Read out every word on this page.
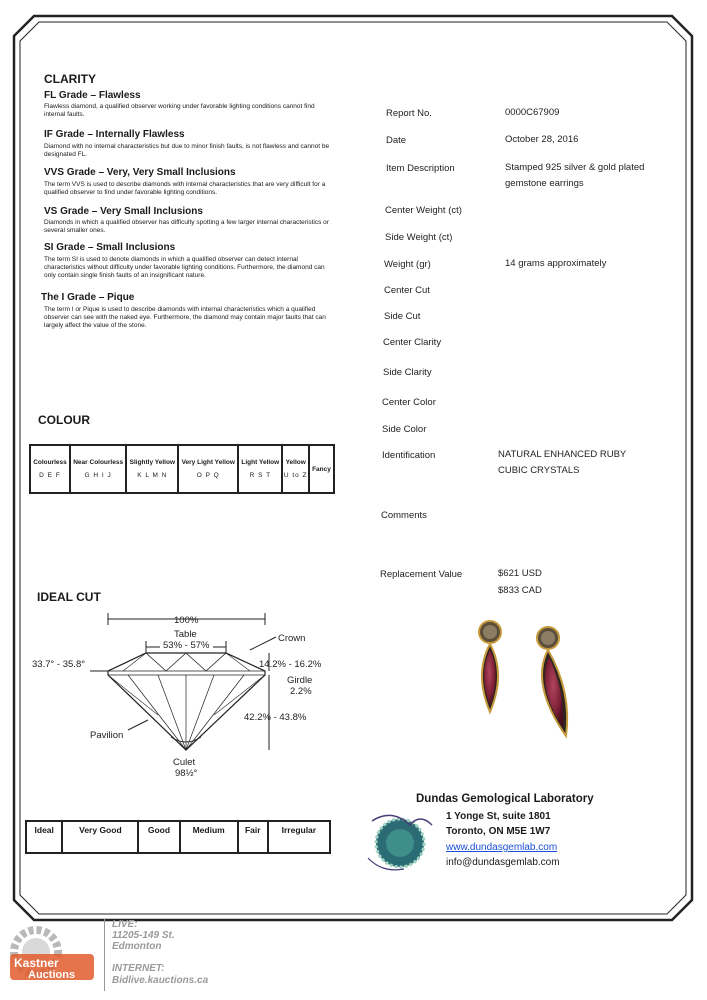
CLARITY
FL Grade – Flawless
Flawless diamond, a qualified observer working under favorable lighting conditions cannot find internal faults.
IF Grade – Internally Flawless
Diamond with no internal characteristics but due to minor finish faults, is not flawless and cannot be designated FL.
VVS Grade – Very, Very Small Inclusions
The term VVS is used to describe diamonds with internal characteristics that are very difficult for a qualified observer to find under favorable lighting conditions.
VS Grade – Very Small Inclusions
Diamonds in which a qualified observer has difficulty spotting a few larger internal characteristics or several smaller ones.
SI Grade – Small Inclusions
The term SI is used to denote diamonds in which a qualified observer can detect internal characteristics without difficulty under favorable lighting conditions. Furthermore, the diamond can only contain single finish faults of an insignificant nature.
The I Grade – Pique
The term I or Pique is used to describe diamonds with internal characteristics which a qualified observer can see with the naked eye. Furthermore, the diamond may contain major faults that can largely affect the value of the stone.
COLOUR
Colourless
D E F

Near Colourless
G H I J

Slightly Yellow
K L M N

Very Light Yellow
O P Q

Light Yellow
R S T

Yellow
U to Z

Fancy
IDEAL CUT
100%
Table
53% - 57%
Crown
33.7° - 35.8°	14.2% - 16.2%
Girdle
2.2%
42.2% - 43.8%
Pavilion
Culet
98½°
Ideal	Very Good	Good	Medium	Fair	Irregular
Report No.	0000C67909
Date	October 28, 2016
Item Description	Stamped 925 silver & gold plated gemstone earrings
Center Weight (ct)
Side Weight (ct)
Weight (gr)	14 grams approximately
Center Cut
Side Cut
Center Clarity
Side Clarity
Center Color
Side Color
Identification	NATURAL ENHANCED RUBY CUBIC CRYSTALS
Comments
Replacement Value	$621 USD
$833 CAD
Dundas Gemological Laboratory
1 Yonge St, suite 1801
Toronto, ON M5E 1W7
www.dundasgemlab.com
info@dundasgemlab.com
Kastner
Auctions
LIVE:
11205-149 St.
Edmonton
INTERNET:
Bidlive.kauctions.ca
